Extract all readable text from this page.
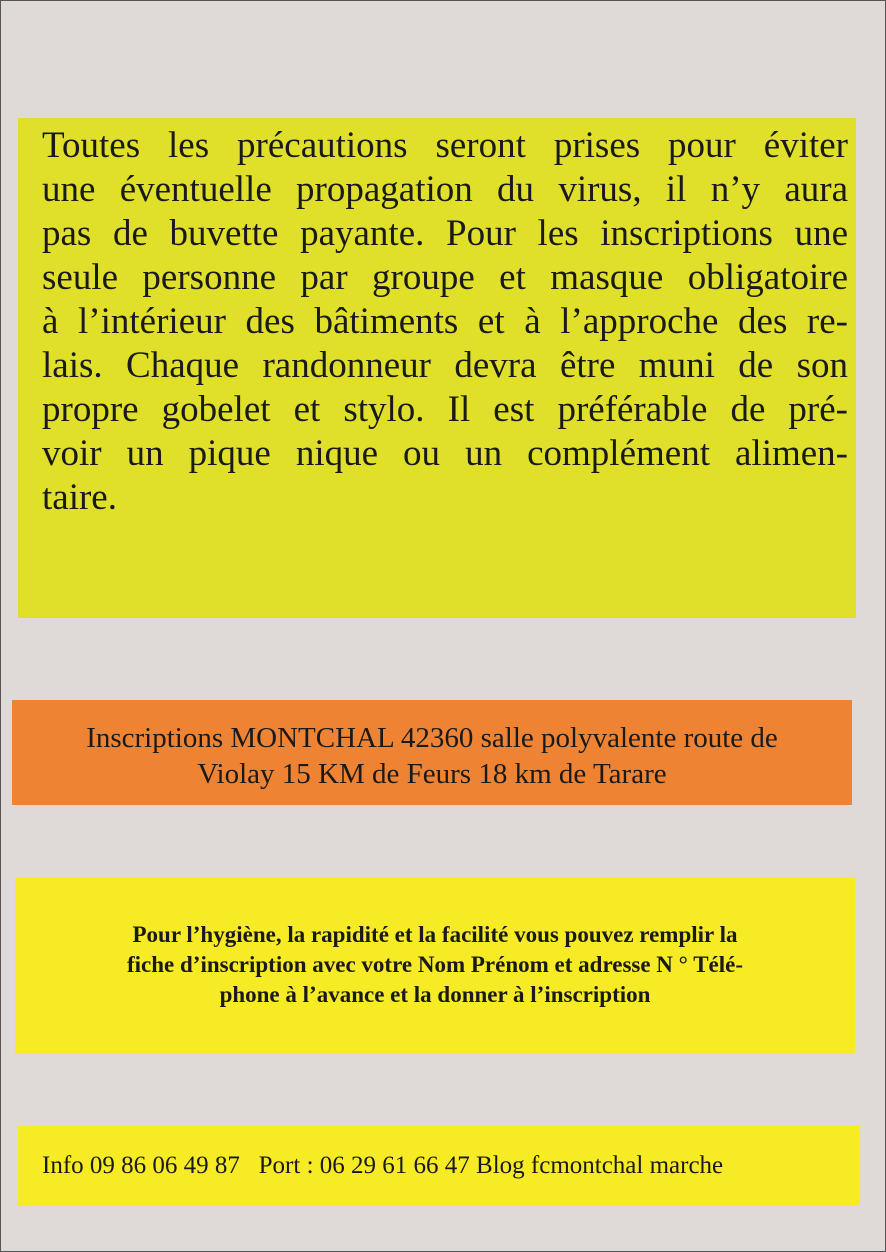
Toutes les précautions seront prises pour éviter
une éventuelle propagation du virus, il n’y aura
pas de buvette payante. Pour les inscriptions une
seule personne par groupe et masque obligatoire
à l’intérieur des bâtiments et à l’approche des re-
lais. Chaque randonneur devra être muni de son
propre gobelet et stylo. Il est préférable de pré-
voir un pique nique ou un complément alimen-
taire.
Inscriptions MONTCHAL 42360 salle polyvalente route de
Violay 15 KM de Feurs 18 km de Tarare
Pour l’hygiène, la rapidité et la facilité vous pouvez remplir la
fiche d’inscription avec votre Nom Prénom et adresse N ° Télé-
phone à l’avance et la donner à l’inscription
Info 09 86 06 49 87   Port : 06 29 61 66 47 Blog fcmontchal marche
